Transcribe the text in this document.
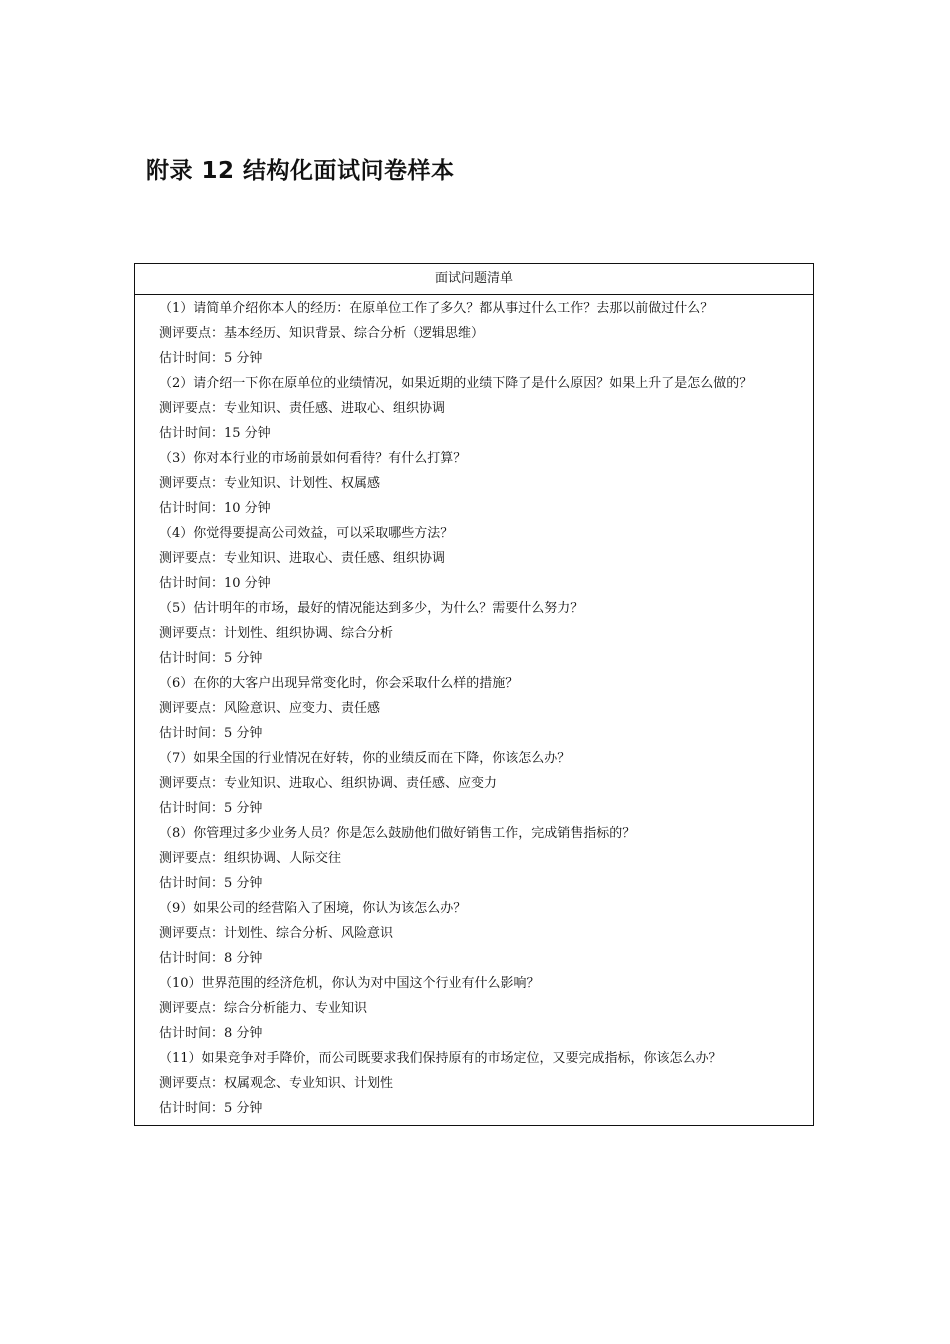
附录 12 结构化面试问卷样本
面试问题清单
（1）请简单介绍你本人的经历：在原单位工作了多久？都从事过什么工作？去那以前做过什么？
测评要点：基本经历、知识背景、综合分析（逻辑思维）
估计时间：5 分钟
（2）请介绍一下你在原单位的业绩情况，如果近期的业绩下降了是什么原因？如果上升了是怎么做的？
测评要点：专业知识、责任感、进取心、组织协调
估计时间：15 分钟
（3）你对本行业的市场前景如何看待？有什么打算？
测评要点：专业知识、计划性、权属感
估计时间：10 分钟
（4）你觉得要提高公司效益，可以采取哪些方法？
测评要点：专业知识、进取心、责任感、组织协调
估计时间：10 分钟
（5）估计明年的市场，最好的情况能达到多少，为什么？需要什么努力？
测评要点：计划性、组织协调、综合分析
估计时间：5 分钟
（6）在你的大客户出现异常变化时，你会采取什么样的措施？
测评要点：风险意识、应变力、责任感
估计时间：5 分钟
（7）如果全国的行业情况在好转，你的业绩反而在下降，你该怎么办？
测评要点：专业知识、进取心、组织协调、责任感、应变力
估计时间：5 分钟
（8）你管理过多少业务人员？你是怎么鼓励他们做好销售工作，完成销售指标的？
测评要点：组织协调、人际交往
估计时间：5 分钟
（9）如果公司的经营陷入了困境，你认为该怎么办？
测评要点：计划性、综合分析、风险意识
估计时间：8 分钟
（10）世界范围的经济危机，你认为对中国这个行业有什么影响？
测评要点：综合分析能力、专业知识
估计时间：8 分钟
（11）如果竞争对手降价，而公司既要求我们保持原有的市场定位，又要完成指标，你该怎么办？
测评要点：权属观念、专业知识、计划性
估计时间：5 分钟
